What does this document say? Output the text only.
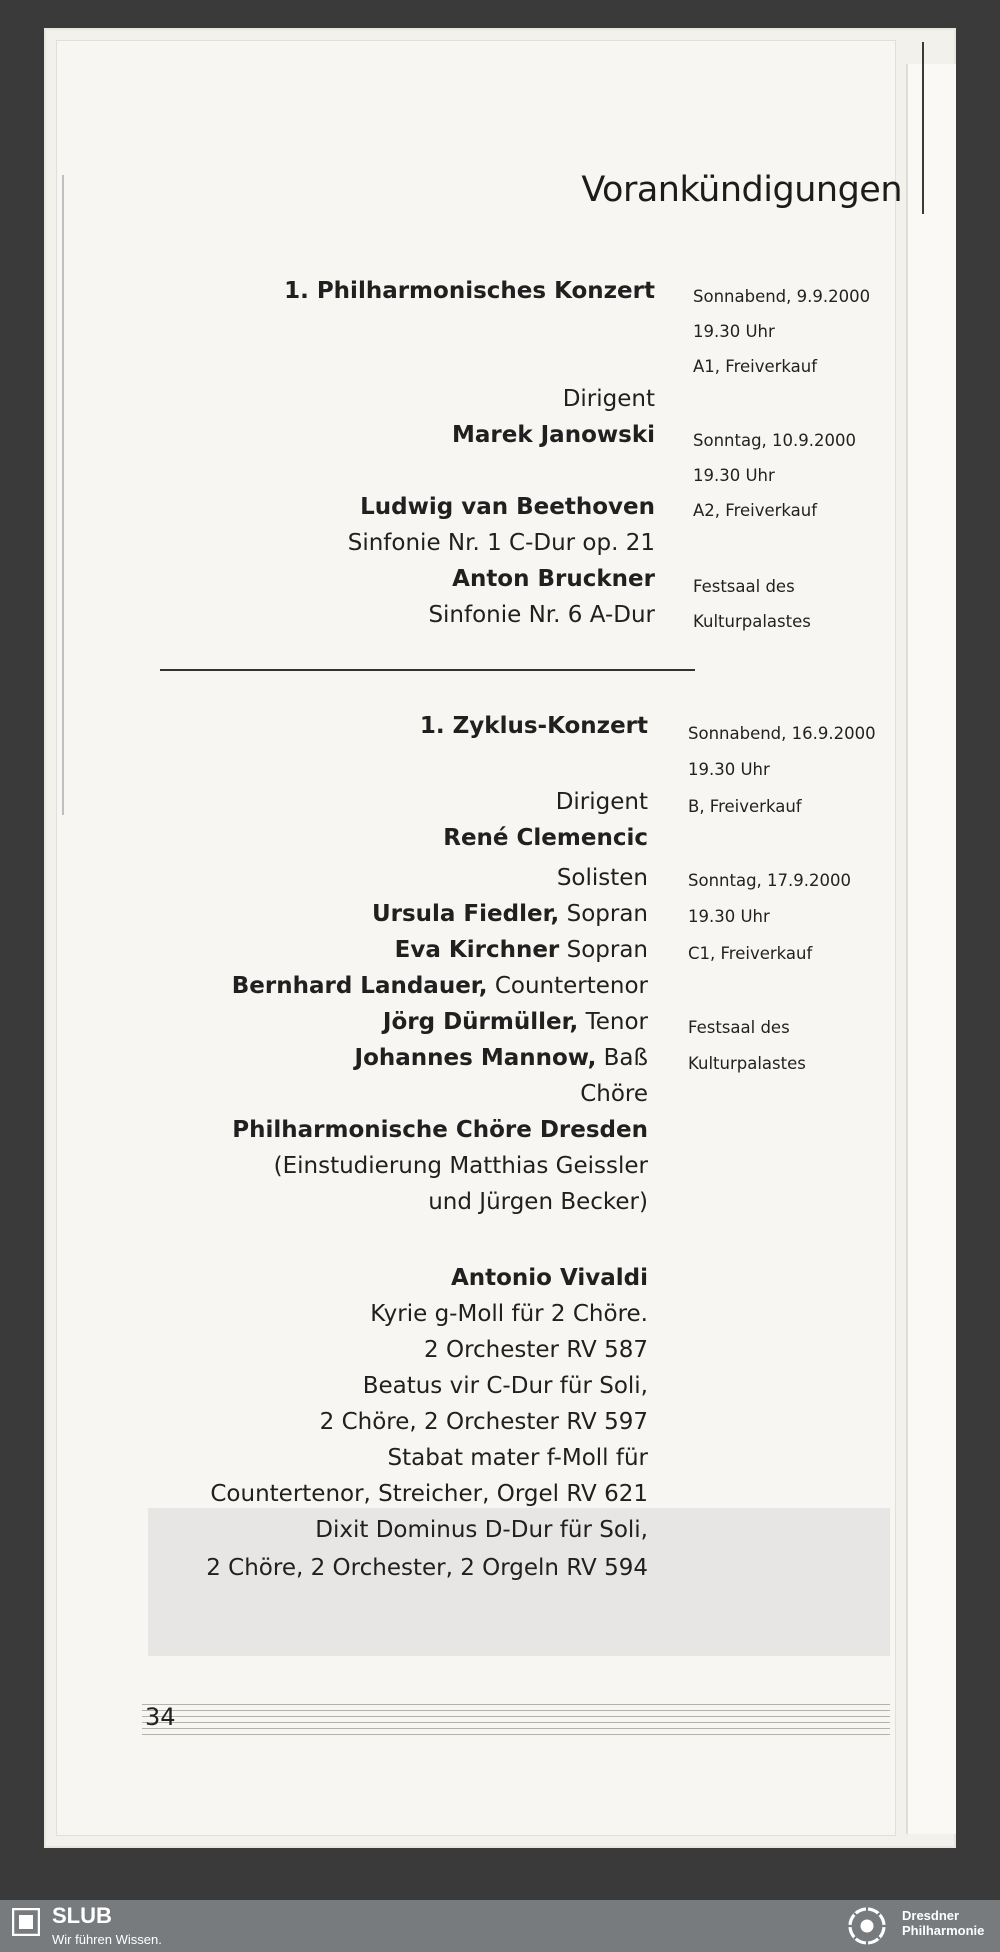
Vorankündigungen
1. Philharmonisches Konzert
Dirigent
Marek Janowski
Ludwig van Beethoven
Sinfonie Nr. 1 C-Dur op. 21
Anton Bruckner
Sinfonie Nr. 6 A-Dur
Sonnabend, 9.9.2000
19.30 Uhr
A1, Freiverkauf
Sonntag, 10.9.2000
19.30 Uhr
A2, Freiverkauf
Festsaal des
Kulturpalastes
1. Zyklus-Konzert
Dirigent
René Clemencic
Solisten
Ursula Fiedler, Sopran
Eva Kirchner Sopran
Bernhard Landauer, Countertenor
Jörg Dürmüller, Tenor
Johannes Mannow, Baß
Chöre
Philharmonische Chöre Dresden
(Einstudierung Matthias Geissler
und Jürgen Becker)
Antonio Vivaldi
Kyrie g-Moll für 2 Chöre.
2 Orchester RV 587
Beatus vir C-Dur für Soli,
2 Chöre, 2 Orchester RV 597
Stabat mater f-Moll für
Countertenor, Streicher, Orgel RV 621
Dixit Dominus D-Dur für Soli,
2 Chöre, 2 Orchester, 2 Orgeln RV 594
Sonnabend, 16.9.2000
19.30 Uhr
B, Freiverkauf
Sonntag, 17.9.2000
19.30 Uhr
C1, Freiverkauf
Festsaal des
Kulturpalastes
34
SLUB
Wir führen Wissen.
Dresdner
Philharmonie
